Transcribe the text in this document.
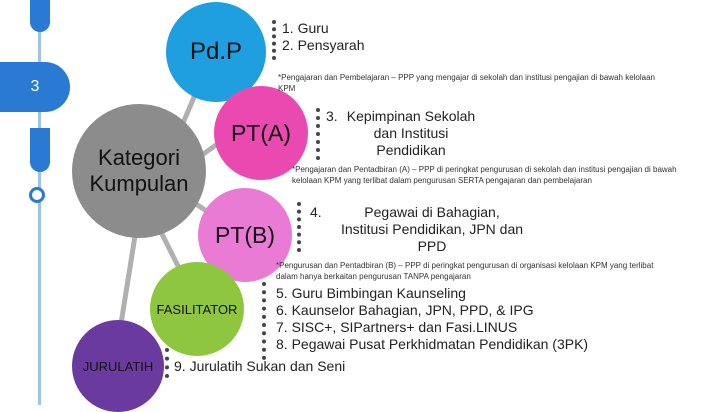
3
Pd.P
PT(A)
PT(B)
FASILITATOR
JURULATIH
Kategori
Kumpulan
1. Guru
2. Pensyarah
*Pengajaran dan Pembelajaran – PPP yang mengajar di sekolah dan institusi pengajian di bawah kelolaan KPM
3. Kepimpinan Sekolah
dan Institusi
Pendidikan
*Pengajaran dan Pentadbiran (A) – PPP di peringkat pengurusan di sekolah dan institusi pengajian di bawah kelolaan KPM yang terlibat dalam pengurusan SERTA pengajaran dan pembelajaran
4.	Pegawai di Bahagian,
Institusi Pendidikan, JPN dan
PPD
*Pengurusan dan Pentadbiran (B) – PPP di peringkat pengurusan di organisasi kelolaan KPM yang terlibat dalam hanya berkaitan pengurusan TANPA pengajaran
5. Guru Bimbingan Kaunseling
6. Kaunselor Bahagian, JPN, PPD, & IPG
7. SISC+, SIPartners+ dan Fasi.LINUS
8. Pegawai Pusat Perkhidmatan Pendidikan (3PK)
9. Jurulatih Sukan dan Seni
